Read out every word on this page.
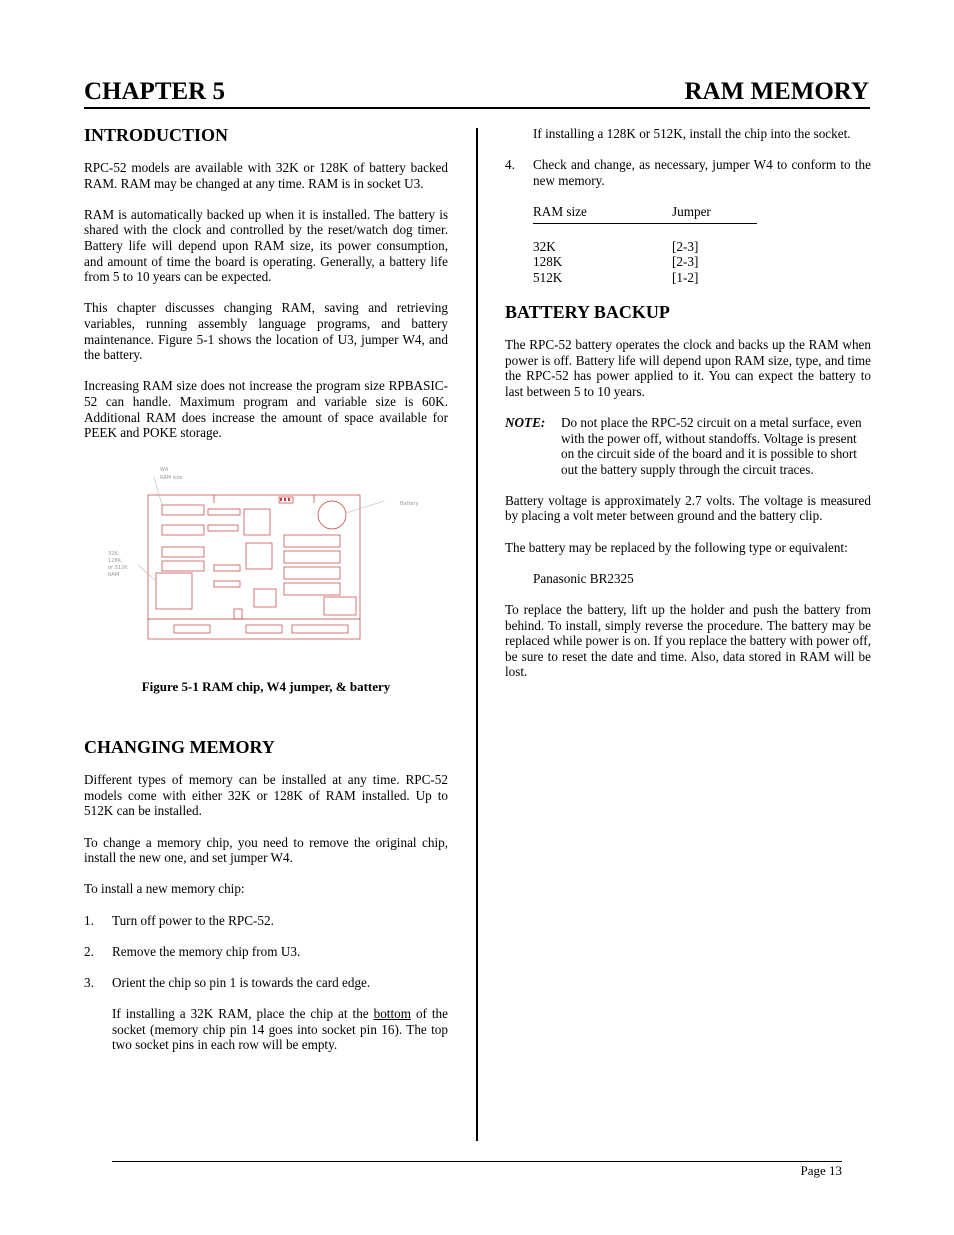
CHAPTER 5	RAM MEMORY
INTRODUCTION

RPC-52 models are available with 32K or 128K of battery backed RAM. RAM may be changed at any time. RAM is in socket U3.

RAM is automatically backed up when it is installed. The battery is shared with the clock and controlled by the reset/watch dog timer. Battery life will depend upon RAM size, its power consumption, and amount of time the board is operating. Generally, a battery life from 5 to 10 years can be expected.

This chapter discusses changing RAM, saving and retrieving variables, running assembly language programs, and battery maintenance. Figure 5-1 shows the location of U3, jumper W4, and the battery.

Increasing RAM size does not increase the program size RPBASIC-52 can handle. Maximum program and variable size is 60K. Additional RAM does increase the amount of space available for PEEK and POKE storage.

W4
RAM size
Battery
32K, 128K, or 512K RAM
Figure 5-1 RAM chip, W4 jumper, & battery
CHANGING MEMORY

Different types of memory can be installed at any time. RPC-52 models come with either 32K or 128K of RAM installed. Up to 512K can be installed.

To change a memory chip, you need to remove the original chip, install the new one, and set jumper W4.

To install a new memory chip:

1.	Turn off power to the RPC-52.
2.	Remove the memory chip from U3.
3.	Orient the chip so pin 1 is towards the card edge.

If installing a 32K RAM, place the chip at the bottom of the socket (memory chip pin 14 goes into socket pin 16). The top two socket pins in each row will be empty.

If installing a 128K or 512K, install the chip into the socket.

4.	Check and change, as necessary, jumper W4 to conform to the new memory.
RAM size	Jumper
32K	[2-3]
128K	[2-3]
512K	[1-2]
BATTERY BACKUP

The RPC-52 battery operates the clock and backs up the RAM when power is off. Battery life will depend upon RAM size, type, and time the RPC-52 has power applied to it. You can expect the battery to last between 5 to 10 years.

NOTE:	Do not place the RPC-52 circuit on a metal surface, even with the power off, without standoffs. Voltage is present on the circuit side of the board and it is possible to short out the battery supply through the circuit traces.

Battery voltage is approximately 2.7 volts. The voltage is measured by placing a volt meter between ground and the battery clip.

The battery may be replaced by the following type or equivalent:

Panasonic BR2325

To replace the battery, lift up the holder and push the battery from behind. To install, simply reverse the procedure. The battery may be replaced while power is on. If you replace the battery with power off, be sure to reset the date and time. Also, data stored in RAM will be lost.

Page 13
